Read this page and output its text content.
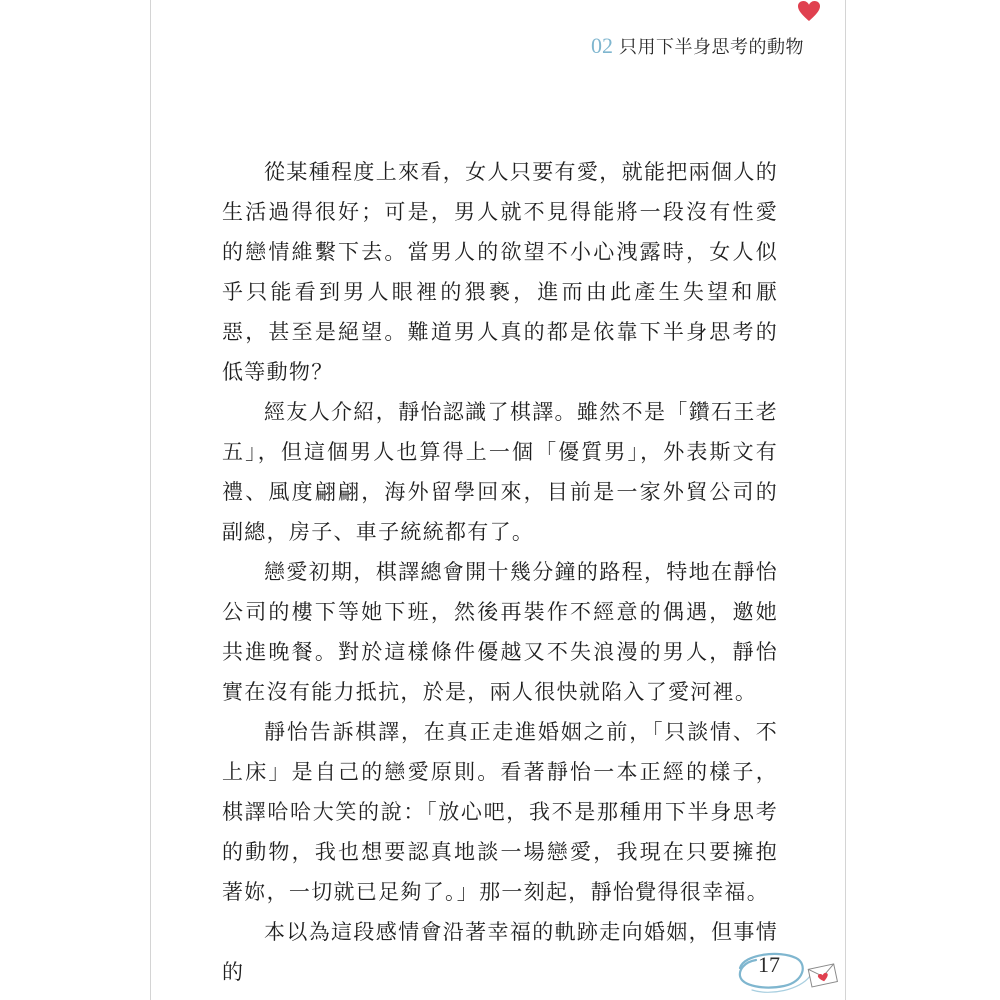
02 只用下半身思考的動物

從某種程度上來看，女人只要有愛，就能把兩個人的生活過得很好；可是，男人就不見得能將一段沒有性愛的戀情維繫下去。當男人的欲望不小心洩露時，女人似乎只能看到男人眼裡的猥褻，進而由此產生失望和厭惡，甚至是絕望。難道男人真的都是依靠下半身思考的低等動物？

經友人介紹，靜怡認識了棋譯。雖然不是「鑽石王老五」，但這個男人也算得上一個「優質男」，外表斯文有禮、風度翩翩，海外留學回來，目前是一家外貿公司的副總，房子、車子統統都有了。

戀愛初期，棋譯總會開十幾分鐘的路程，特地在靜怡公司的樓下等她下班，然後再裝作不經意的偶遇，邀她共進晚餐。對於這樣條件優越又不失浪漫的男人，靜怡實在沒有能力抵抗，於是，兩人很快就陷入了愛河裡。

靜怡告訴棋譯，在真正走進婚姻之前，「只談情、不上床」是自己的戀愛原則。看著靜怡一本正經的樣子，棋譯哈哈大笑的說：「放心吧，我不是那種用下半身思考的動物，我也想要認真地談一場戀愛，我現在只要擁抱著妳，一切就已足夠了。」那一刻起，靜怡覺得很幸福。

本以為這段感情會沿著幸福的軌跡走向婚姻，但事情的	17
